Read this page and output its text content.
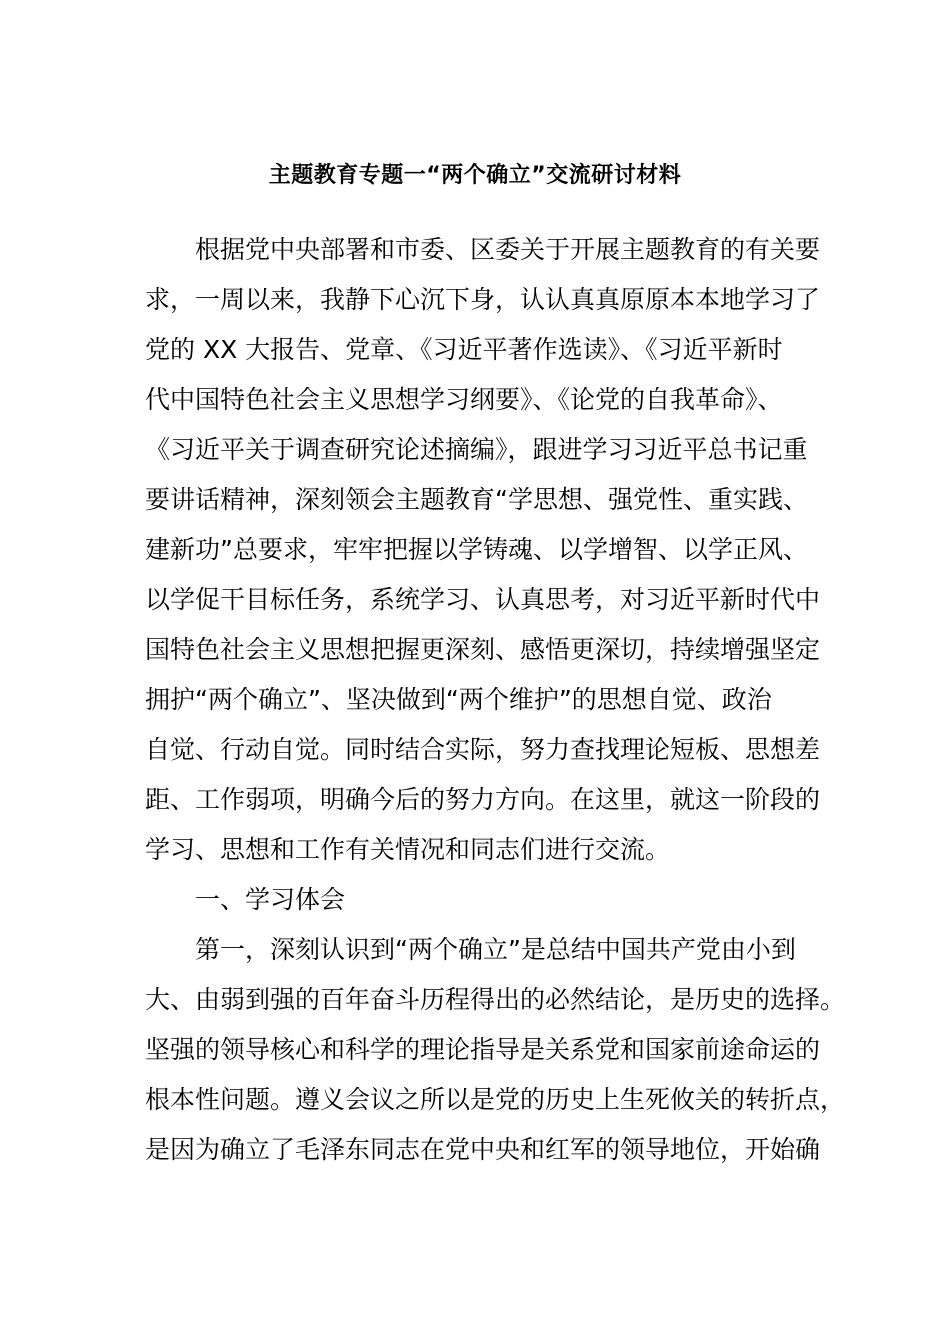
主题教育专题一“两个确立”交流研讨材料
根据党中央部署和市委、区委关于开展主题教育的有关要
求，一周以来，我静下心沉下身，认认真真原原本本地学习了
党的 XX 大报告、党章、《习近平著作选读》、《习近平新时
代中国特色社会主义思想学习纲要》、《论党的自我革命》、
《习近平关于调查研究论述摘编》，跟进学习习近平总书记重
要讲话精神，深刻领会主题教育“学思想、强党性、重实践、
建新功”总要求，牢牢把握以学铸魂、以学增智、以学正风、
以学促干目标任务，系统学习、认真思考，对习近平新时代中
国特色社会主义思想把握更深刻、感悟更深切，持续增强坚定
拥护“两个确立”、坚决做到“两个维护”的思想自觉、政治
自觉、行动自觉。同时结合实际，努力查找理论短板、思想差
距、工作弱项，明确今后的努力方向。在这里，就这一阶段的
学习、思想和工作有关情况和同志们进行交流。
一、学习体会
第一，深刻认识到“两个确立”是总结中国共产党由小到
大、由弱到强的百年奋斗历程得出的必然结论，是历史的选择。
坚强的领导核心和科学的理论指导是关系党和国家前途命运的
根本性问题。遵义会议之所以是党的历史上生死攸关的转折点，
是因为确立了毛泽东同志在党中央和红军的领导地位，开始确
